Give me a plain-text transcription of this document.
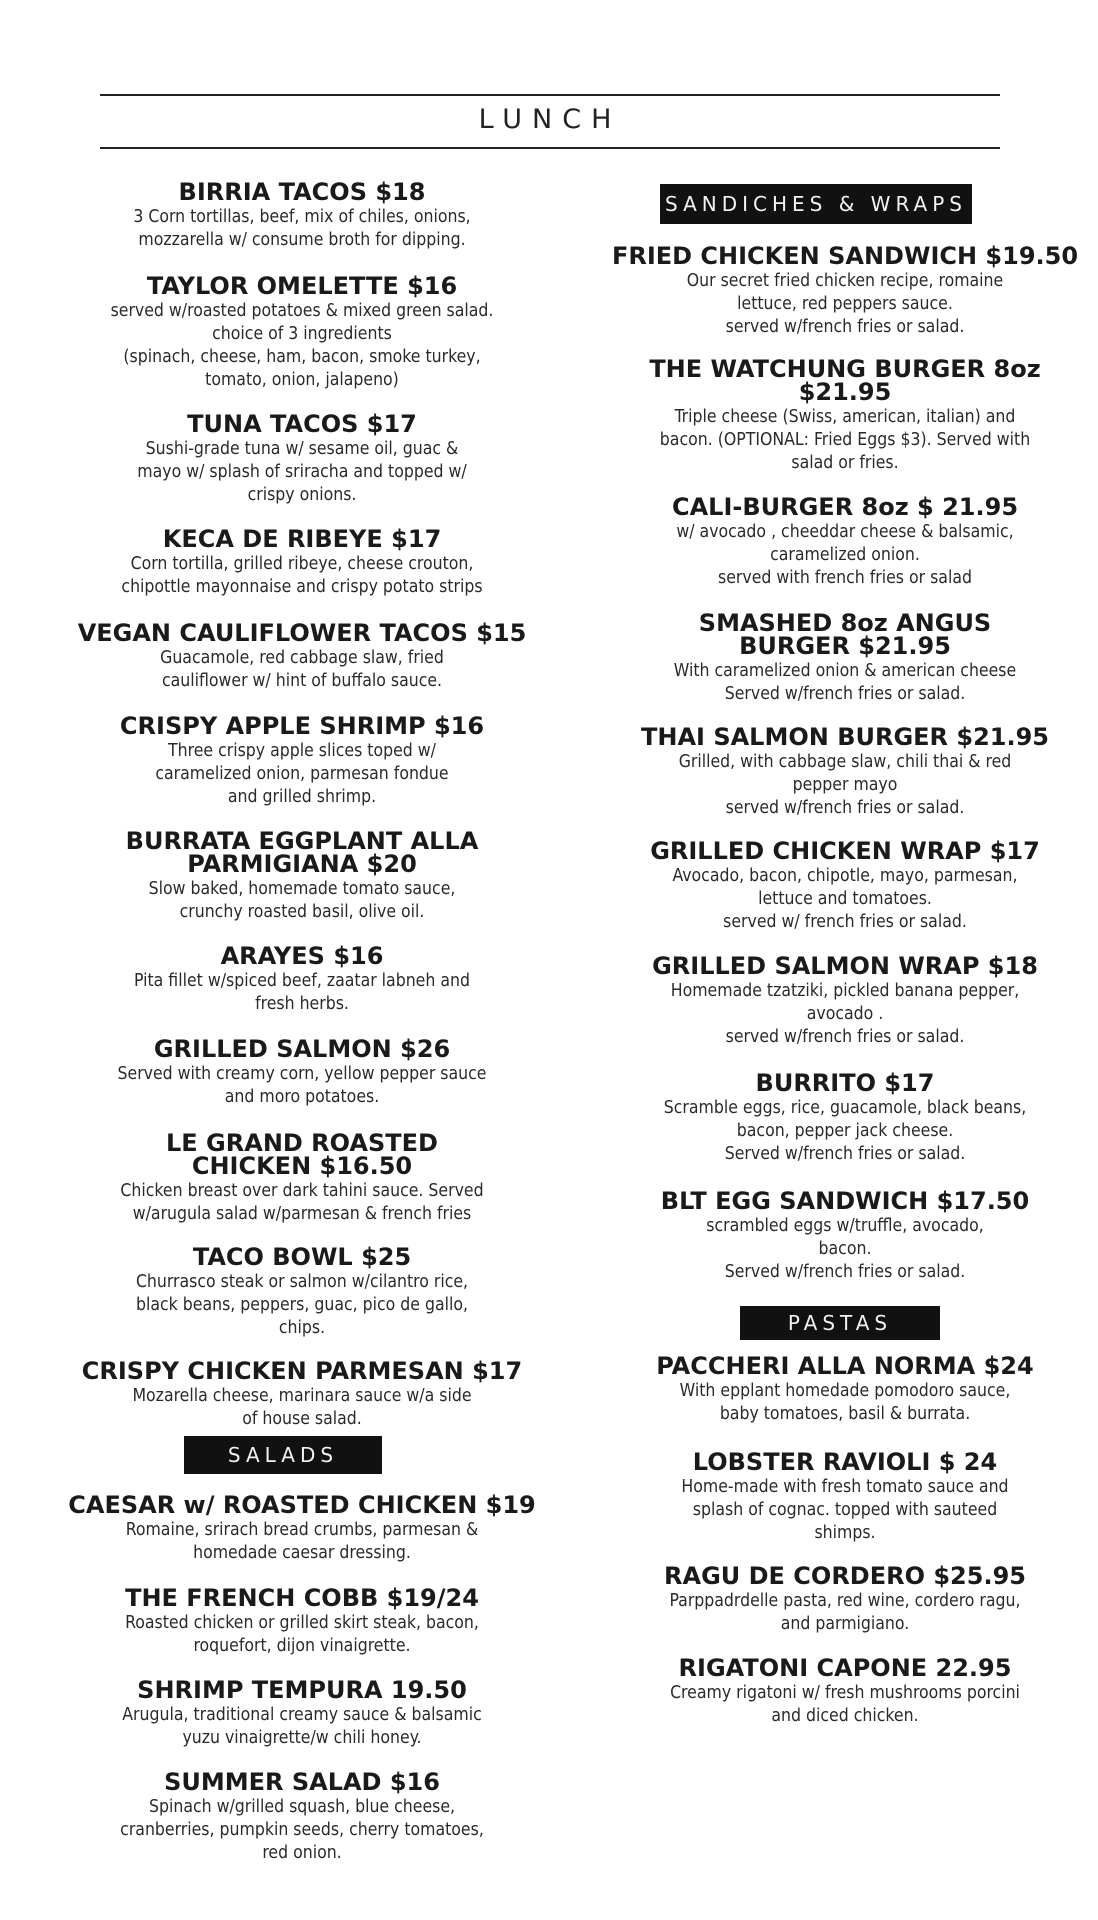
LUNCH
BIRRIA TACOS $18
3 Corn tortillas, beef, mix of chiles, onions,
mozzarella w/ consume broth for dipping.
TAYLOR OMELETTE $16
served w/roasted potatoes & mixed green salad.
choice of 3 ingredients
(spinach, cheese, ham, bacon, smoke turkey,
tomato, onion, jalapeno)
TUNA TACOS $17
Sushi-grade tuna w/ sesame oil, guac &
mayo w/ splash of sriracha and topped w/
crispy onions.
KECA DE RIBEYE $17
Corn tortilla, grilled ribeye, cheese crouton,
chipottle mayonnaise and crispy potato strips
VEGAN CAULIFLOWER TACOS $15
Guacamole, red cabbage slaw, fried
cauliflower w/ hint of buffalo sauce.
CRISPY APPLE SHRIMP $16
Three crispy apple slices toped w/
caramelized onion, parmesan fondue
and grilled shrimp.
BURRATA EGGPLANT ALLA
PARMIGIANA $20
Slow baked, homemade tomato sauce,
crunchy roasted basil, olive oil.
ARAYES $16
Pita fillet w/spiced beef, zaatar labneh and
fresh herbs.
GRILLED SALMON $26
Served with creamy corn, yellow pepper sauce
and moro potatoes.
LE GRAND ROASTED
CHICKEN $16.50
Chicken breast over dark tahini sauce. Served
w/arugula salad w/parmesan & french fries
TACO BOWL $25
Churrasco steak or salmon w/cilantro rice,
black beans, peppers, guac, pico de gallo,
chips.
CRISPY CHICKEN PARMESAN $17
Mozarella cheese, marinara sauce w/a side
of house salad.
SALADS
CAESAR w/ ROASTED CHICKEN $19
Romaine, srirach bread crumbs, parmesan &
homedade caesar dressing.
THE FRENCH COBB $19/24
Roasted chicken or grilled skirt steak, bacon,
roquefort, dijon vinaigrette.
SHRIMP TEMPURA 19.50
Arugula, traditional creamy sauce & balsamic
yuzu vinaigrette/w chili honey.
SUMMER SALAD $16
Spinach w/grilled squash, blue cheese,
cranberries, pumpkin seeds, cherry tomatoes,
red onion.
SANDICHES & WRAPS
FRIED CHICKEN SANDWICH $19.50
Our secret fried chicken recipe, romaine
lettuce, red peppers sauce.
served w/french fries or salad.
THE WATCHUNG BURGER 8oz
$21.95
Triple cheese (Swiss, american, italian) and
bacon. (OPTIONAL: Fried Eggs $3). Served with
salad or fries.
CALI-BURGER 8oz $ 21.95
w/ avocado , cheeddar cheese & balsamic,
caramelized onion.
served with french fries or salad
SMASHED 8oz ANGUS
BURGER $21.95
With caramelized onion & american cheese
Served w/french fries or salad.
THAI SALMON BURGER $21.95
Grilled, with cabbage slaw, chili thai & red
pepper mayo
served w/french fries or salad.
GRILLED CHICKEN WRAP $17
Avocado, bacon, chipotle, mayo, parmesan,
lettuce and tomatoes.
served w/ french fries or salad.
GRILLED SALMON WRAP $18
Homemade tzatziki, pickled banana pepper,
avocado .
served w/french fries or salad.
BURRITO $17
Scramble eggs, rice, guacamole, black beans,
bacon, pepper jack cheese.
Served w/french fries or salad.
BLT EGG SANDWICH $17.50
scrambled eggs w/truffle, avocado,
bacon.
Served w/french fries or salad.
PASTAS
PACCHERI ALLA NORMA $24
With epplant homedade pomodoro sauce,
baby tomatoes, basil & burrata.
LOBSTER RAVIOLI $ 24
Home-made with fresh tomato sauce and
splash of cognac. topped with sauteed
shimps.
RAGU DE CORDERO $25.95
Parppadrdelle pasta, red wine, cordero ragu,
and parmigiano.
RIGATONI CAPONE 22.95
Creamy rigatoni w/ fresh mushrooms porcini
and diced chicken.
